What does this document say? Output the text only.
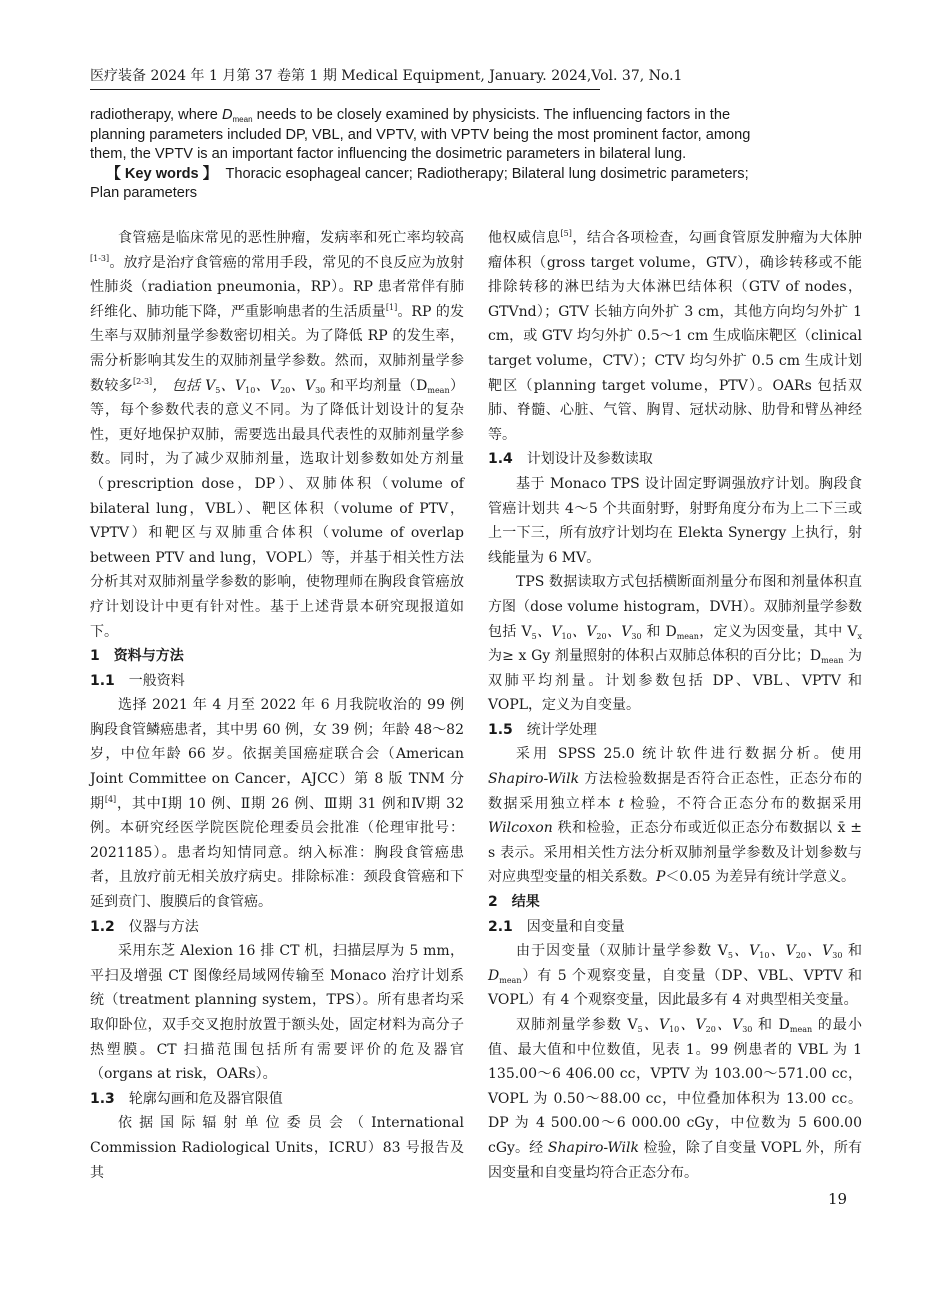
医疗装备 2024 年 1 月第 37 卷第 1 期 Medical Equipment, January. 2024,Vol. 37, No.1

radiotherapy, where $D_{mean}$ needs to be closely examined by physicists. The influencing factors in the planning parameters included DP, VBL, and VPTV, with VPTV being the most prominent factor, among them, the VPTV is an important factor influencing the dosimetric parameters in bilateral lung.

【 Key words 】 Thoracic esophageal cancer; Radiotherapy; Bilateral lung dosimetric parameters; Plan parameters

食管癌是临床常见的恶性肿瘤，发病率和死亡率均较高[1-3]。放疗是治疗食管癌的常用手段，常见的不良反应为放射性肺炎（radiation pneumonia，RP）。RP 患者常伴有肺纤维化、肺功能下降，严重影响患者的生活质量[1]。RP 的发生率与双肺剂量学参数密切相关。为了降低 RP 的发生率，需分析影响其发生的双肺剂量学参数。然而，双肺剂量学参数较多[2-3]， 包括 $V_5$、$V_{10}$、$V_{20}$、$V_{30}$ 和平均剂量$(D_{mean})$等，每个参数代表的意义不同。为了降低计划设计的复杂性，更好地保护双肺，需要选出最具代表性的双肺剂量学参数。同时，为了减少双肺剂量，选取计划参数如处方剂量（prescription dose，DP）、双肺体积（volume of bilateral lung，VBL）、靶区体积（volume of PTV，VPTV）和靶区与双肺重合体积（volume of overlap between PTV and lung，VOPL）等，并基于相关性方法分析其对双肺剂量学参数的影响，使物理师在胸段食管癌放疗计划设计中更有针对性。基于上述背景本研究现报道如下。

1　资料与方法

1.1　一般资料

选择 2021 年 4 月至 2022 年 6 月我院收治的 99 例胸段食管鳞癌患者，其中男 60 例，女 39 例；年龄 48～82 岁，中位年龄 66 岁。依据美国癌症联合会（American Joint Committee on Cancer，AJCC）第 8 版 TNM 分期[4]，其中Ⅰ期 10 例、Ⅱ期 26 例、Ⅲ期 31 例和Ⅳ期 32 例。本研究经医学院医院伦理委员会批准（伦理审批号：2021185）。患者均知情同意。纳入标准：胸段食管癌患者，且放疗前无相关放疗病史。排除标准：颈段食管癌和下延到贲门、腹膜后的食管癌。

1.2　仪器与方法

采用东芝 Alexion 16 排 CT 机，扫描层厚为 5 mm，平扫及增强 CT 图像经局域网传输至 Monaco 治疗计划系统（treatment planning system，TPS）。所有患者均采取仰卧位，双手交叉抱肘放置于额头处，固定材料为高分子热塑膜。CT 扫描范围包括所有需要评价的危及器官（organs at risk，OARs）。

1.3　轮廓勾画和危及器官限值

依据国际辐射单位委员会（International Commission Radiological Units，ICRU）83 号报告及其

他权威信息[5]，结合各项检查，勾画食管原发肿瘤为大体肿瘤体积（gross target volume，GTV），确诊转移或不能排除转移的淋巴结为大体淋巴结体积（GTV of nodes， GTVnd）；GTV 长轴方向外扩 3 cm，其他方向均匀外扩 1 cm，或 GTV 均匀外扩 0.5～1 cm 生成临床靶区（clinical target volume，CTV）；CTV 均匀外扩 0.5 cm 生成计划靶区（planning target volume，PTV）。OARs 包括双肺、脊髓、心脏、气管、胸胃、冠状动脉、肋骨和臂丛神经等。

1.4　计划设计及参数读取

基于 Monaco TPS 设计固定野调强放疗计划。胸段食管癌计划共 4～5 个共面射野，射野角度分布为上二下三或上一下三，所有放疗计划均在 Elekta Synergy 上执行，射线能量为 6 MV。

TPS 数据读取方式包括横断面剂量分布图和剂量体积直方图（dose volume histogram，DVH）。双肺剂量学参数包括 $V_5$、$V_{10}$、$V_{20}$、$V_{30}$ 和 $D_{mean}$，定义为因变量，其中 $V_x$ 为≥ x Gy 剂量照射的体积占双肺总体积的百分比；$D_{mean}$ 为双肺平均剂量。计划参数包括 DP、VBL、VPTV 和 VOPL，定义为自变量。

1.5　统计学处理

采用 SPSS 25.0 统计软件进行数据分析。使用 Shapiro-Wilk 方法检验数据是否符合正态性，正态分布的数据采用独立样本 t 检验，不符合正态分布的数据采用 Wilcoxon 秩和检验，正态分布或近似正态分布数据以 x̄ ± s 表示。采用相关性方法分析双肺剂量学参数及计划参数与对应典型变量的相关系数。P＜0.05 为差异有统计学意义。

2　结果

2.1　因变量和自变量

由于因变量（双肺计量学参数 $V_5$、$V_{10}$、$V_{20}$、$V_{30}$ 和 $D_{mean}$）有 5 个观察变量，自变量（DP、VBL、VPTV 和 VOPL）有 4 个观察变量，因此最多有 4 对典型相关变量。

双肺剂量学参数 $V_5$、$V_{10}$、$V_{20}$、$V_{30}$ 和 $D_{mean}$ 的最小值、最大值和中位数值，见表 1。99 例患者的 VBL 为 1 135.00～6 406.00 cc，VPTV 为 103.00～571.00 cc，VOPL 为 0.50～88.00 cc，中位叠加体积为 13.00 cc。DP 为 4 500.00～6 000.00 cGy，中位数为 5 600.00 cGy。经 Shapiro-Wilk 检验，除了自变量 VOPL 外，所有因变量和自变量均符合正态分布。

19
